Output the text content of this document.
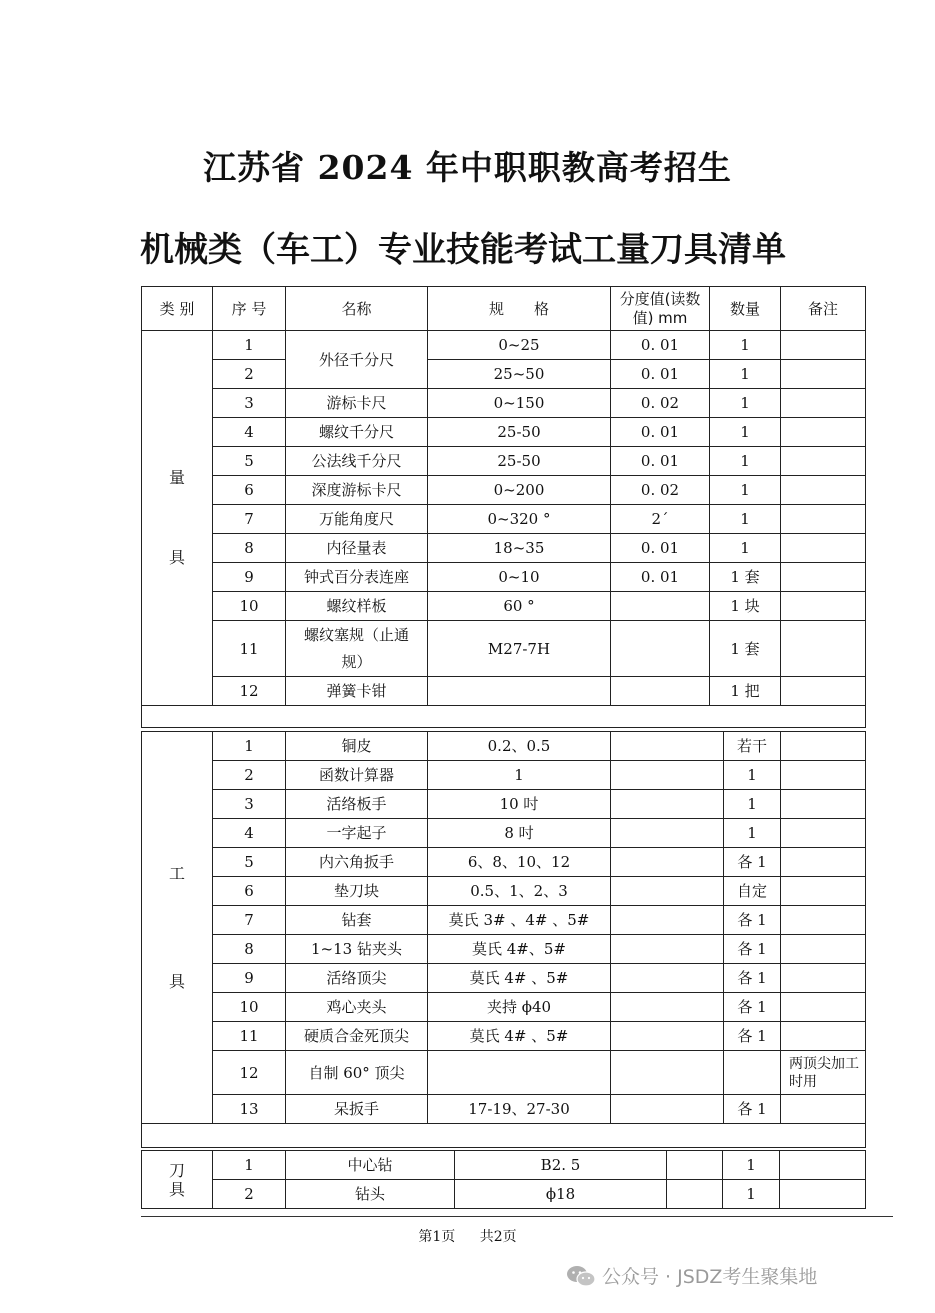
江苏省 2024 年中职职教高考招生
机械类（车工）专业技能考试工量刀具清单
类 别	序 号	名称	规　　格	分度值(读数值) mm	数量	备注

量
具	1	外径千分尺	0~25	0. 01	1	
	2		25~50	0. 01	1	
	3	游标卡尺	0~150	0. 02	1	
	4	螺纹千分尺	25-50	0. 01	1	
	5	公法线千分尺	25-50	0. 01	1	
	6	深度游标卡尺	0~200	0. 02	1	
	7	万能角度尺	0~320 °	2´	1	
	8	内径量表	18~35	0. 01	1	
	9	钟式百分表连座	0~10	0. 01	1 套	
	10	螺纹样板	60 °		1 块	
	11	螺纹塞规（止通规）	M27-7H		1 套	
	12	弹簧卡钳			1 把	

工
具	1	铜皮	0.2、0.5		若干	
	2	函数计算器	1		1	
	3	活络板手	10 吋		1	
	4	一字起子	8 吋		1	
	5	内六角扳手	6、8、10、12		各 1	
	6	垫刀块	0.5、1、2、3		自定	
	7	钻套	莫氏 3# 、4# 、5#		各 1	
	8	1~13 钻夹头	莫氏 4#、5#		各 1	
	9	活络顶尖	莫氏 4# 、5#		各 1	
	10	鸡心夹头	夹持 ϕ40		各 1	
	11	硬质合金死顶尖	莫氏 4# 、5#		各 1	
	12	自制 60° 顶尖				两顶尖加工时用
	13	呆扳手	17-19、27-30		各 1	

刀具	1	中心钻	B2. 5		1	
	2	钻头	ϕ18		1	
第1页 共2页
公众号 · JSDZ考生聚集地
